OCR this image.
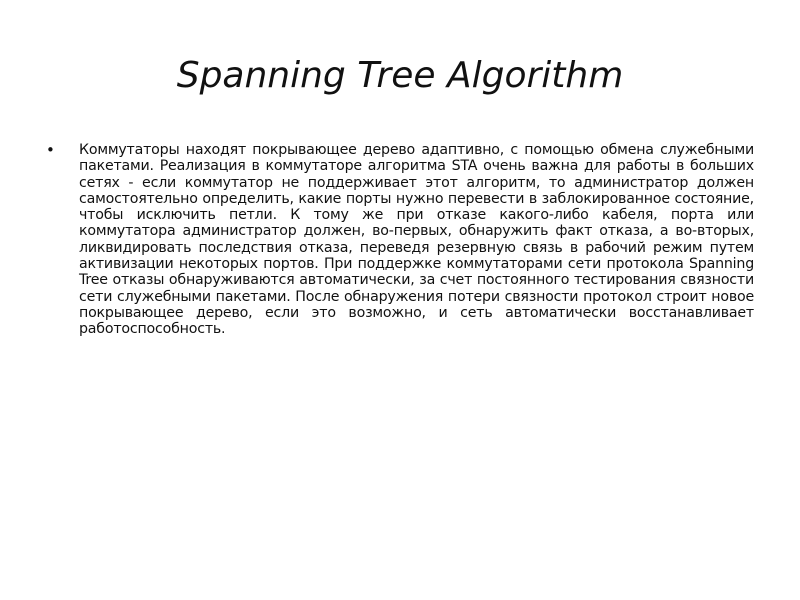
Spanning Tree Algorithm
• Коммутаторы находят покрывающее дерево адаптивно, с помощью обмена служебными пакетами. Реализация в коммутаторе алгоритма STA очень важна для работы в больших сетях - если коммутатор не поддерживает этот алгоритм, то администратор должен самостоятельно определить, какие порты нужно перевести в заблокированное состояние, чтобы исключить петли. К тому же при отказе какого-либо кабеля, порта или коммутатора администратор должен, во-первых, обнаружить факт отказа, а во-вторых, ликвидировать последствия отказа, переведя резервную связь в рабочий режим путем активизации некоторых портов. При поддержке коммутаторами сети протокола Spanning Tree отказы обнаруживаются автоматически, за счет постоянного тестирования связности сети служебными пакетами. После обнаружения потери связности протокол строит новое покрывающее дерево, если это возможно, и сеть автоматически восстанавливает работоспособность.
